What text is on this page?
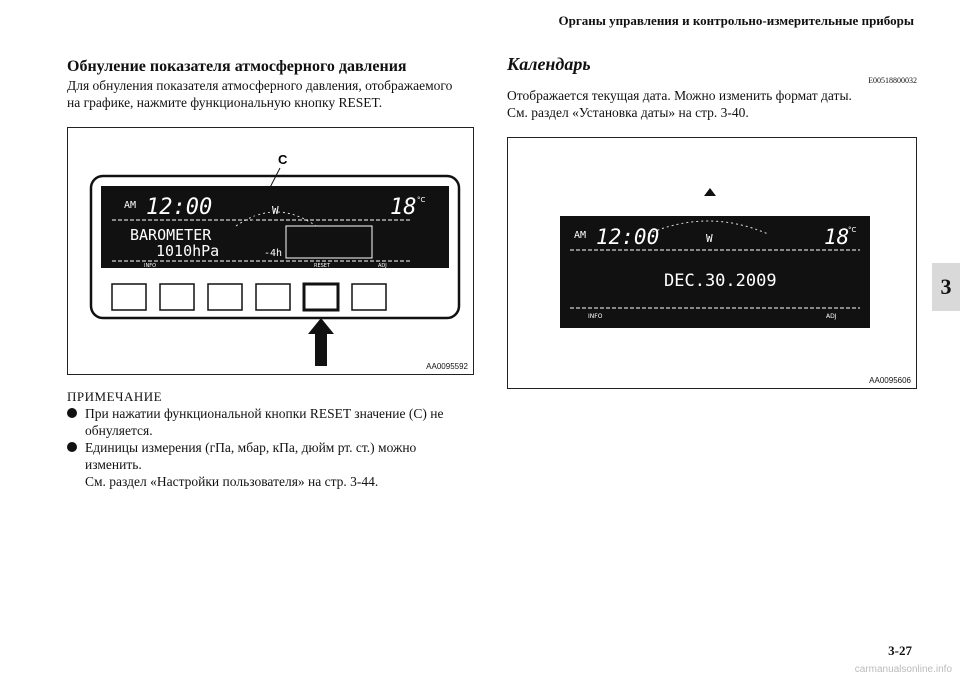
Органы управления и контрольно-измерительные приборы
3
Обнуление показателя атмосферного давления
Для обнуления показателя атмосферного давления, отображаемого
на графике, нажмите функциональную кнопку RESET.
AM 12:00	W	18 °C
BAROMETER
1010hPa	-4h
INFO	RESET	ADJ
C
AA0095592
ПРИМЕЧАНИЕ
При нажатии функциональной кнопки RESET значение (C) не
обнуляется.
Единицы измерения (гПа, мбар, кПа, дюйм рт. ст.) можно
изменить.
См. раздел «Настройки пользователя» на стр. 3-44.
Календарь
E00518800032
Отображается текущая дата. Можно изменить формат даты.
См. раздел «Установка даты» на стр. 3-40.
AM 12:00	W	18
°C
DEC.30.2009
INFO	ADJ
AA0095606
3-27
carmanualsonline.info
